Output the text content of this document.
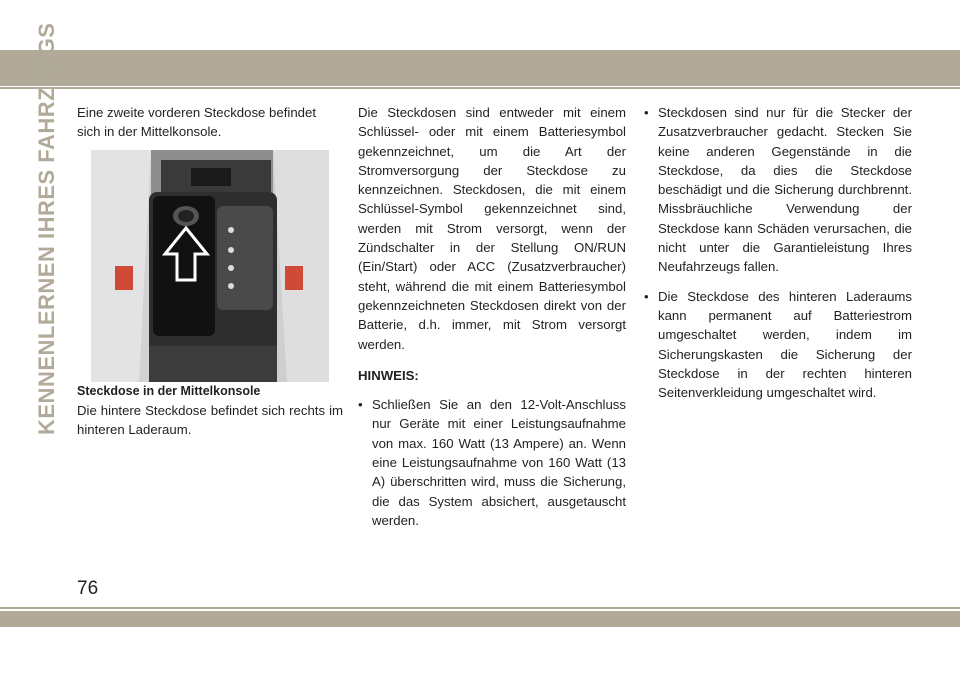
KENNENLERNEN IHRES FAHRZEUGS Eine zweite vorderen Steckdose befindet sich in der Mittelkonsole.

Steckdose in der Mittelkonsole

Die hintere Steckdose befindet sich rechts im hinteren Laderaum.

Die Steckdosen sind entweder mit einem Schlüssel- oder mit einem Batteriesymbol gekennzeichnet, um die Art der Stromversorgung der Steckdose zu kennzeichnen. Steckdosen, die mit einem Schlüssel-Symbol gekennzeichnet sind, werden mit Strom versorgt, wenn der Zündschalter in der Stellung ON/RUN (Ein/Start) oder ACC (Zusatzverbraucher) steht, während die mit einem Batteriesymbol gekennzeichneten Steckdosen direkt von der Batterie, d.h. immer, mit Strom versorgt werden.

HINWEIS:

• Schließen Sie an den 12-Volt-Anschluss nur Geräte mit einer Leistungsaufnahme von max. 160 Watt (13 Ampere) an. Wenn eine Leistungsaufnahme von 160 Watt (13 A) überschritten wird, muss die Sicherung, die das System absichert, ausgetauscht werden.

• Steckdosen sind nur für die Stecker der Zusatzverbraucher gedacht. Stecken Sie keine anderen Gegenstände in die Steckdose, da dies die Steckdose beschädigt und die Sicherung durchbrennt. Missbräuchliche Verwendung der Steckdose kann Schäden verursachen, die nicht unter die Garantieleistung Ihres Neufahrzeugs fallen.

• Die Steckdose des hinteren Laderaums kann permanent auf Batteriestrom umgeschaltet werden, indem im Sicherungskasten die Sicherung der Steckdose in der rechten hinteren Seitenverkleidung umgeschaltet wird.

76
